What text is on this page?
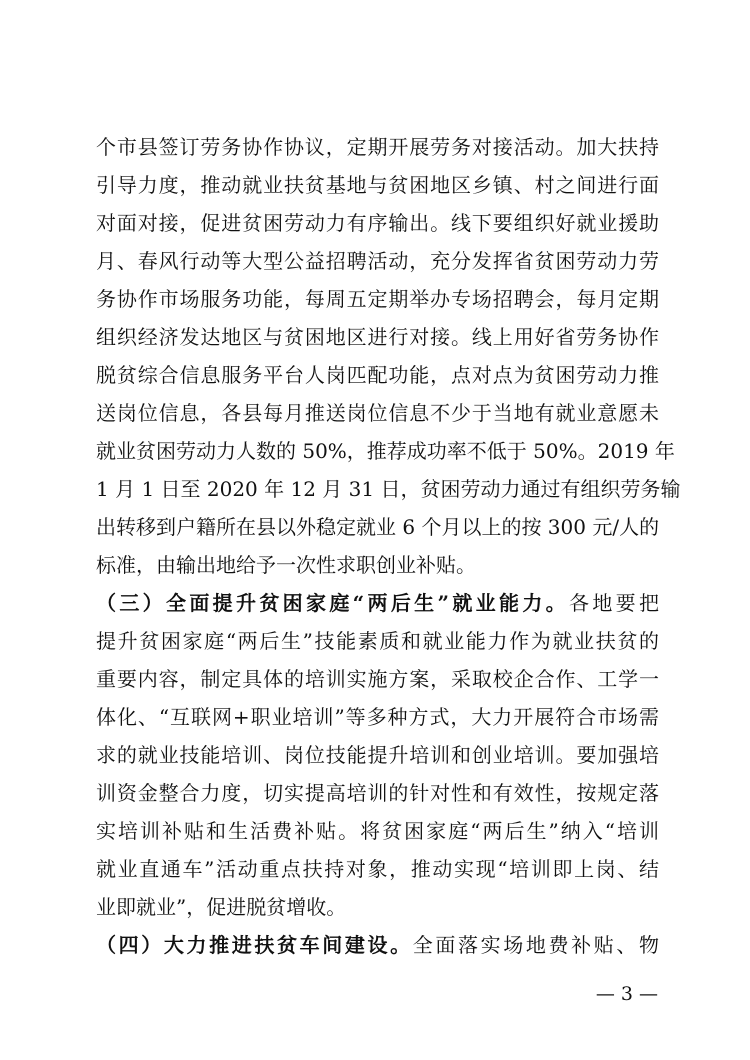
个市县签订劳务协作协议，定期开展劳务对接活动。加大扶持
引导力度，推动就业扶贫基地与贫困地区乡镇、村之间进行面
对面对接，促进贫困劳动力有序输出。线下要组织好就业援助
月、春风行动等大型公益招聘活动，充分发挥省贫困劳动力劳
务协作市场服务功能，每周五定期举办专场招聘会，每月定期
组织经济发达地区与贫困地区进行对接。线上用好省劳务协作
脱贫综合信息服务平台人岗匹配功能，点对点为贫困劳动力推
送岗位信息，各县每月推送岗位信息不少于当地有就业意愿未
就业贫困劳动力人数的 50%，推荐成功率不低于 50%。2019 年
1 月 1 日至 2020 年 12 月 31 日，贫困劳动力通过有组织劳务输
出转移到户籍所在县以外稳定就业 6 个月以上的按 300 元/人的
标准，由输出地给予一次性求职创业补贴。
（三）全面提升贫困家庭“两后生”就业能力。各地要把
提升贫困家庭“两后生”技能素质和就业能力作为就业扶贫的
重要内容，制定具体的培训实施方案，采取校企合作、工学一
体化、“互联网+职业培训”等多种方式，大力开展符合市场需
求的就业技能培训、岗位技能提升培训和创业培训。要加强培
训资金整合力度，切实提高培训的针对性和有效性，按规定落
实培训补贴和生活费补贴。将贫困家庭“两后生”纳入“培训
就业直通车”活动重点扶持对象，推动实现“培训即上岗、结
业即就业”，促进脱贫增收。
（四）大力推进扶贫车间建设。全面落实场地费补贴、物
— 3 —
